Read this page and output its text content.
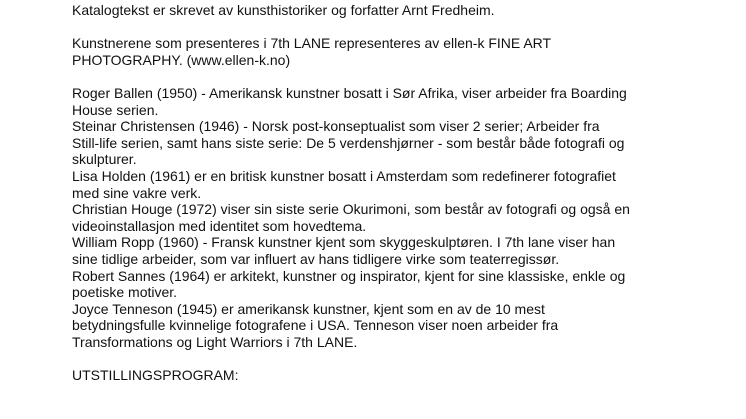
Katalogtekst er skrevet av kunsthistoriker og forfatter Arnt Fredheim.

Kunstnerene som presenteres i 7th LANE representeres av ellen-k FINE ART
PHOTOGRAPHY. (www.ellen-k.no)

Roger Ballen (1950) - Amerikansk kunstner bosatt i Sør Afrika, viser arbeider fra Boarding
House serien.
Steinar Christensen (1946) - Norsk post-konseptualist som viser 2 serier; Arbeider fra
Still-life serien, samt hans siste serie: De 5 verdenshjørner - som består både fotografi og
skulpturer.
Lisa Holden (1961) er en britisk kunstner bosatt i Amsterdam som redefinerer fotografiet
med sine vakre verk.
Christian Houge (1972) viser sin siste serie Okurimoni, som består av fotografi og også en
videoinstallasjon med identitet som hovedtema.
William Ropp (1960) - Fransk kunstner kjent som skyggeskulptøren. I 7th lane viser han
sine tidlige arbeider, som var influert av hans tidligere virke som teaterregissør.
Robert Sannes (1964) er arkitekt, kunstner og inspirator, kjent for sine klassiske, enkle og
poetiske motiver.
Joyce Tenneson (1945) er amerikansk kunstner, kjent som en av de 10 mest
betydningsfulle kvinnelige fotografene i USA. Tenneson viser noen arbeider fra
Transformations og Light Warriors i 7th LANE.

UTSTILLINGSPROGRAM:
